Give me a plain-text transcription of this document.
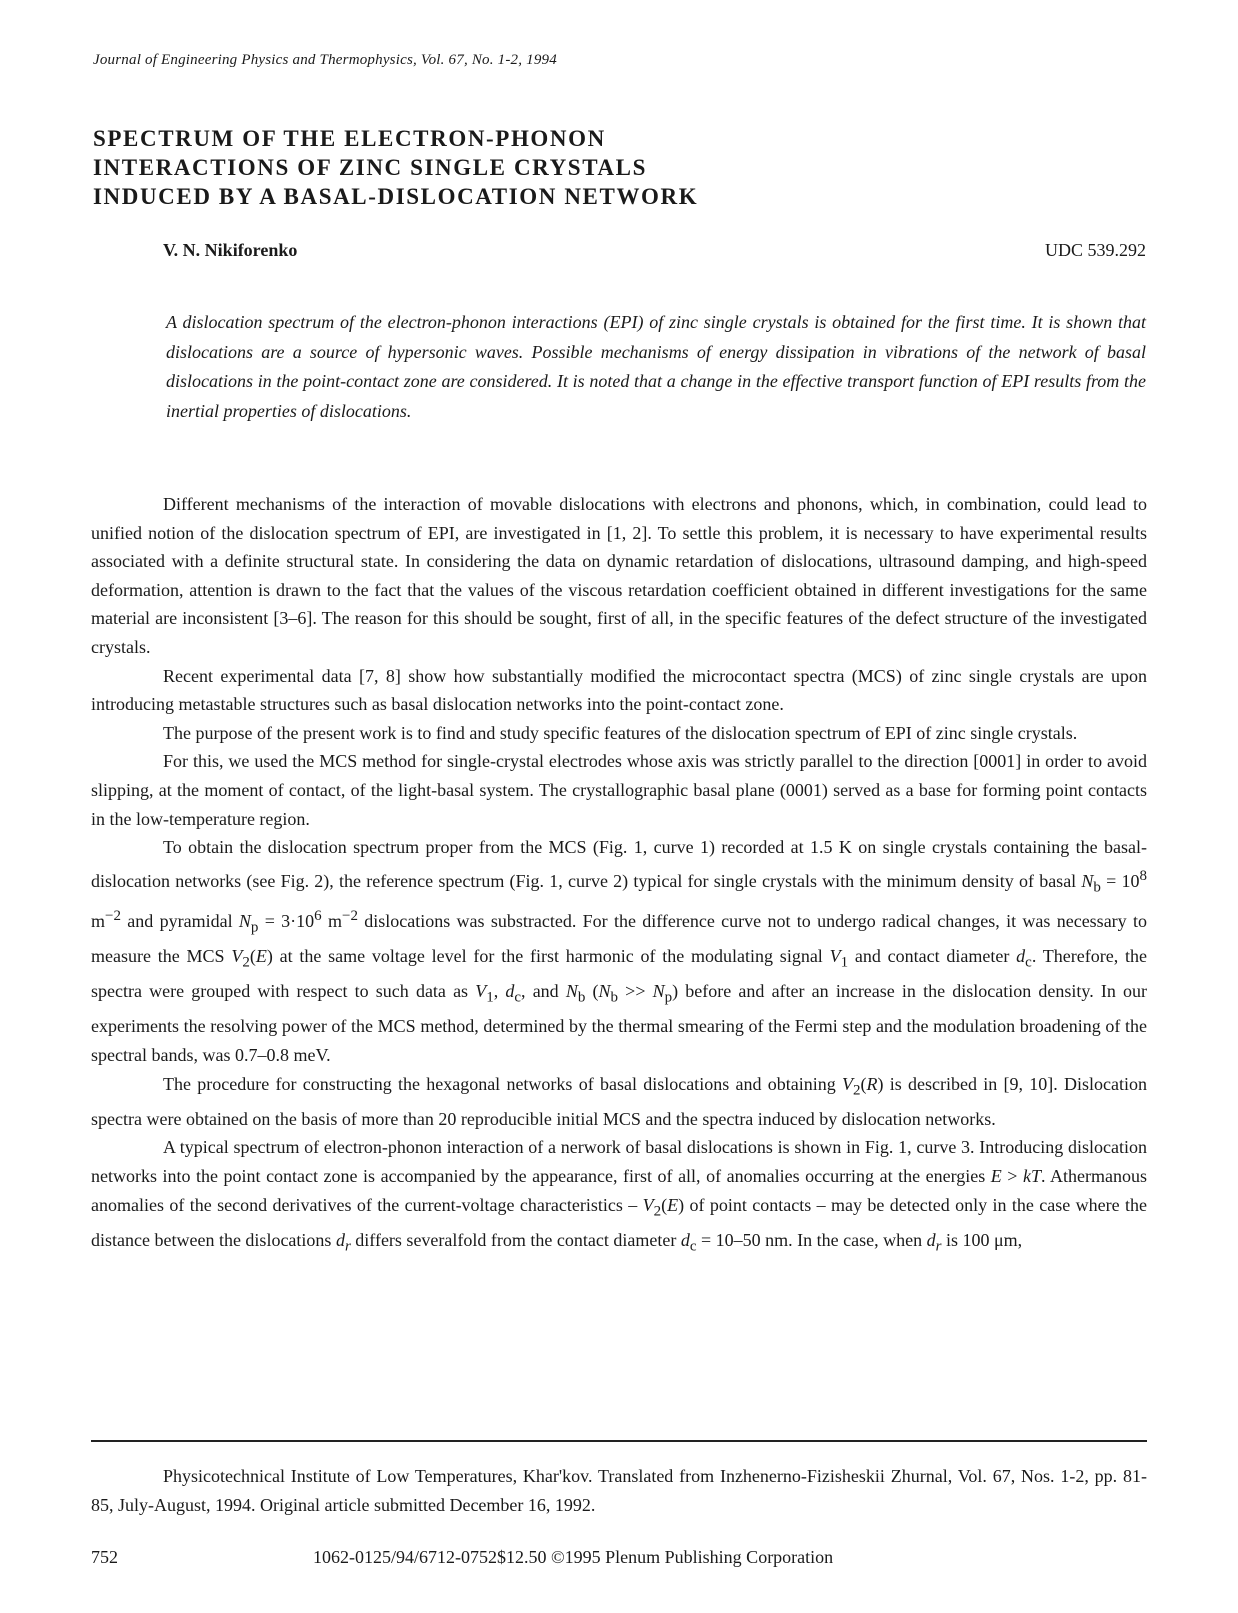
Journal of Engineering Physics and Thermophysics, Vol. 67, No. 1-2, 1994
SPECTRUM OF THE ELECTRON-PHONON
INTERACTIONS OF ZINC SINGLE CRYSTALS
INDUCED BY A BASAL-DISLOCATION NETWORK
V. N. Nikiforenko	UDC 539.292

A dislocation spectrum of the electron-phonon interactions (EPI) of zinc single crystals is obtained for the first time. It is shown that dislocations are a source of hypersonic waves. Possible mechanisms of energy dissipation in vibrations of the network of basal dislocations in the point-contact zone are considered. It is noted that a change in the effective transport function of EPI results from the inertial properties of dislocations.

Different mechanisms of the interaction of movable dislocations with electrons and phonons, which, in combination, could lead to unified notion of the dislocation spectrum of EPI, are investigated in [1, 2]. To settle this problem, it is necessary to have experimental results associated with a definite structural state. In considering the data on dynamic retardation of dislocations, ultrasound damping, and high-speed deformation, attention is drawn to the fact that the values of the viscous retardation coefficient obtained in different investigations for the same material are inconsistent [3–6]. The reason for this should be sought, first of all, in the specific features of the defect structure of the investigated crystals.

Recent experimental data [7, 8] show how substantially modified the microcontact spectra (MCS) of zinc single crystals are upon introducing metastable structures such as basal dislocation networks into the point-contact zone.

The purpose of the present work is to find and study specific features of the dislocation spectrum of EPI of zinc single crystals.

For this, we used the MCS method for single-crystal electrodes whose axis was strictly parallel to the direction [0001] in order to avoid slipping, at the moment of contact, of the light-basal system. The crystallographic basal plane (0001) served as a base for forming point contacts in the low-temperature region.

To obtain the dislocation spectrum proper from the MCS (Fig. 1, curve 1) recorded at 1.5 K on single crystals containing the basal-dislocation networks (see Fig. 2), the reference spectrum (Fig. 1, curve 2) typical for single crystals with the minimum density of basal $N_b = 10^8$ $m^{-2}$ and pyramidal $N_p = 3\cdot 10^6$ $m^{-2}$ dislocations was substracted. For the difference curve not to undergo radical changes, it was necessary to measure the MCS $V_2(E)$ at the same voltage level for the first harmonic of the modulating signal $V_1$ and contact diameter $d_c$. Therefore, the spectra were grouped with respect to such data as $V_1$, $d_c$, and $N_b$ $(N_b >> N_p)$ before and after an increase in the dislocation density. In our experiments the resolving power of the MCS method, determined by the thermal smearing of the Fermi step and the modulation broadening of the spectral bands, was 0.7–0.8 meV.

The procedure for constructing the hexagonal networks of basal dislocations and obtaining $V_2(R)$ is described in [9, 10]. Dislocation spectra were obtained on the basis of more than 20 reproducible initial MCS and the spectra induced by dislocation networks.

A typical spectrum of electron-phonon interaction of a nerwork of basal dislocations is shown in Fig. 1, curve 3. Introducing dislocation networks into the point contact zone is accompanied by the appearance, first of all, of anomalies occurring at the energies E > kT. Athermanous anomalies of the second derivatives of the current-voltage characteristics – $V_2(E)$ of point contacts – may be detected only in the case where the distance between the dislocations $d_r$ differs severalfold from the contact diameter $d_c = 10-50$ nm. In the case, when $d_r$ is 100 μm,

Physicotechnical Institute of Low Temperatures, Khar'kov. Translated from Inzhenerno-Fizisheskii Zhurnal, Vol. 67, Nos. 1-2, pp. 81-85, July-August, 1994. Original article submitted December 16, 1992.

752	1062-0125/94/6712-0752$12.50 ©1995 Plenum Publishing Corporation
